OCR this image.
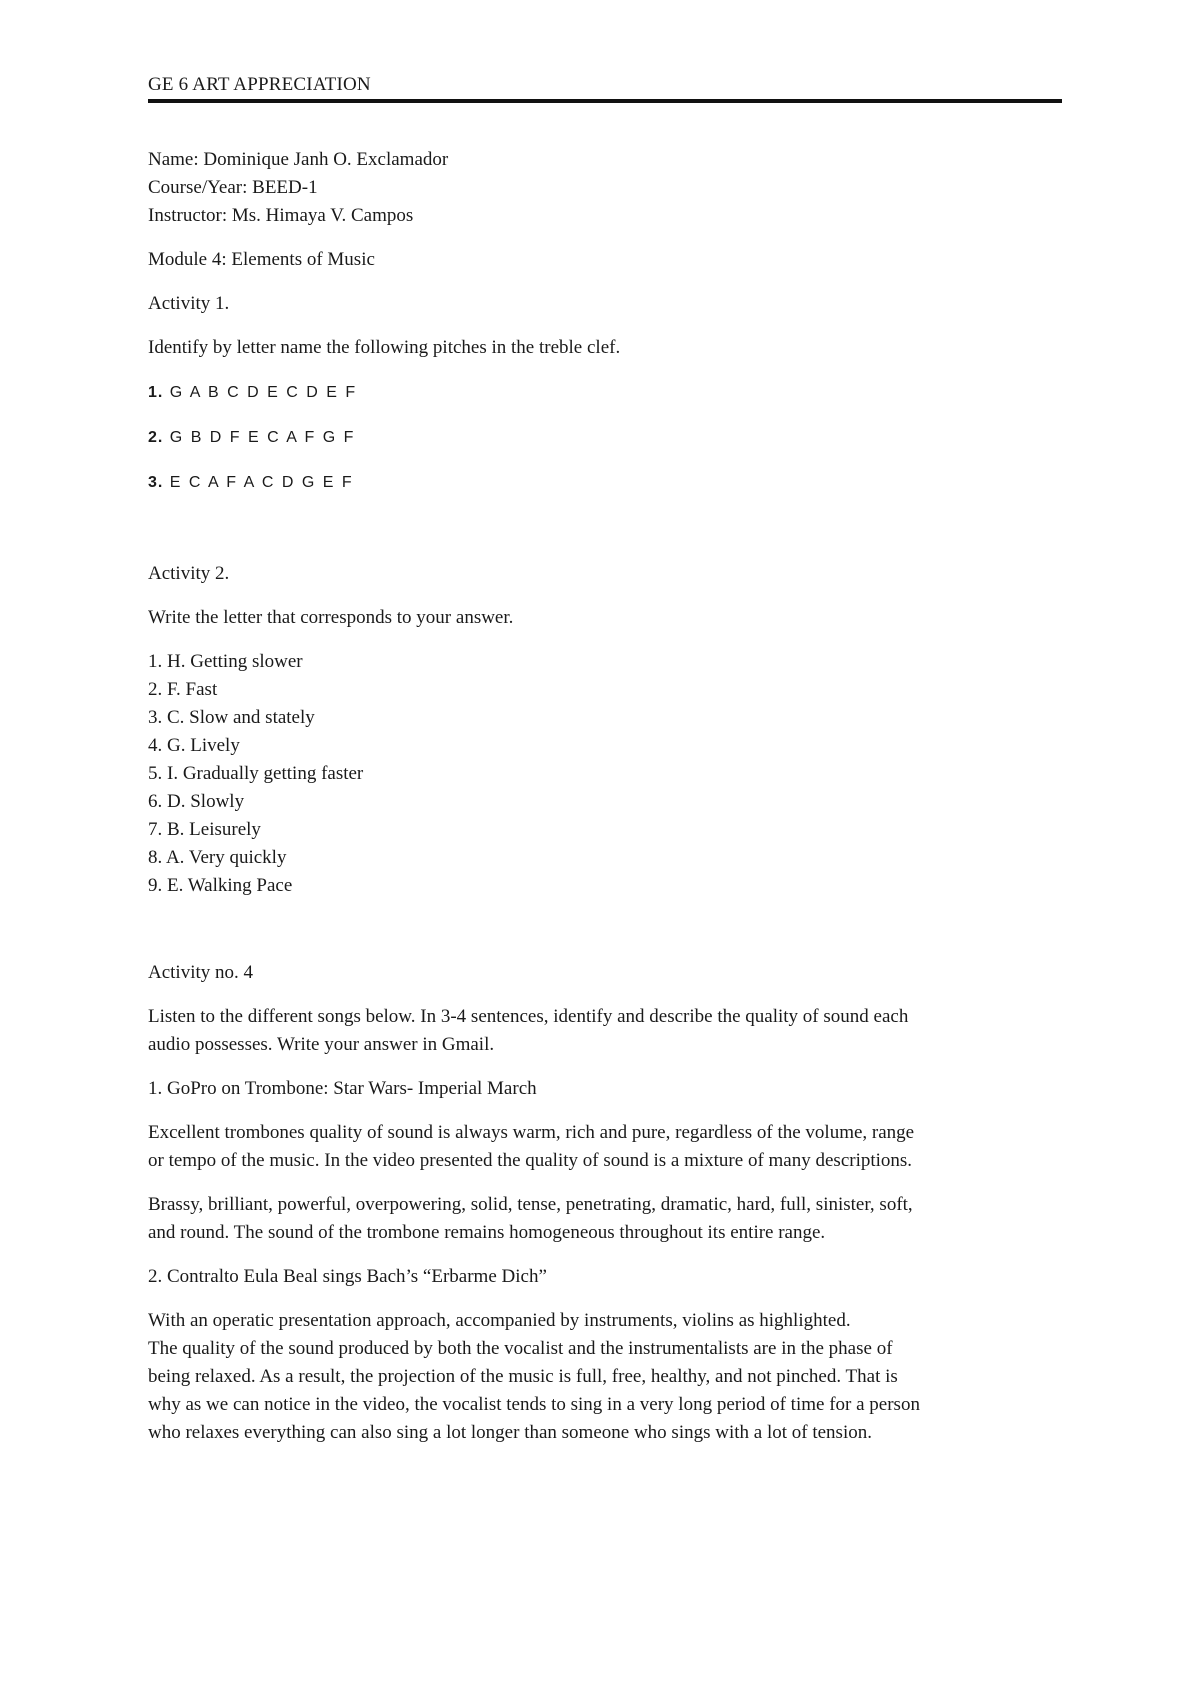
GE 6 ART APPRECIATION
Name: Dominique Janh O. Exclamador
Course/Year: BEED-1
Instructor: Ms. Himaya V. Campos
Module 4: Elements of Music
Activity 1.
Identify by letter name the following pitches in the treble clef.
1. G A B C D E C D E F
2. G B D F E C A F G F
3. E C A F A C D G E F
Activity 2.
Write the letter that corresponds to your answer.
1. H. Getting slower
2. F. Fast
3. C. Slow and stately
4. G. Lively
5. I. Gradually getting faster
6. D. Slowly
7. B. Leisurely
8. A. Very quickly
9. E. Walking Pace
Activity no. 4
Listen to the different songs below. In 3-4 sentences, identify and describe the quality of sound each
audio possesses. Write your answer in Gmail.
1. GoPro on Trombone: Star Wars- Imperial March
Excellent trombones quality of sound is always warm, rich and pure, regardless of the volume, range
or tempo of the music. In the video presented the quality of sound is a mixture of many descriptions.
Brassy, brilliant, powerful, overpowering, solid, tense, penetrating, dramatic, hard, full, sinister, soft,
and round. The sound of the trombone remains homogeneous throughout its entire range.
2. Contralto Eula Beal sings Bach’s “Erbarme Dich”
With an operatic presentation approach, accompanied by instruments, violins as highlighted.
The quality of the sound produced by both the vocalist and the instrumentalists are in the phase of
being relaxed. As a result, the projection of the music is full, free, healthy, and not pinched. That is
why as we can notice in the video, the vocalist tends to sing in a very long period of time for a person
who relaxes everything can also sing a lot longer than someone who sings with a lot of tension.
